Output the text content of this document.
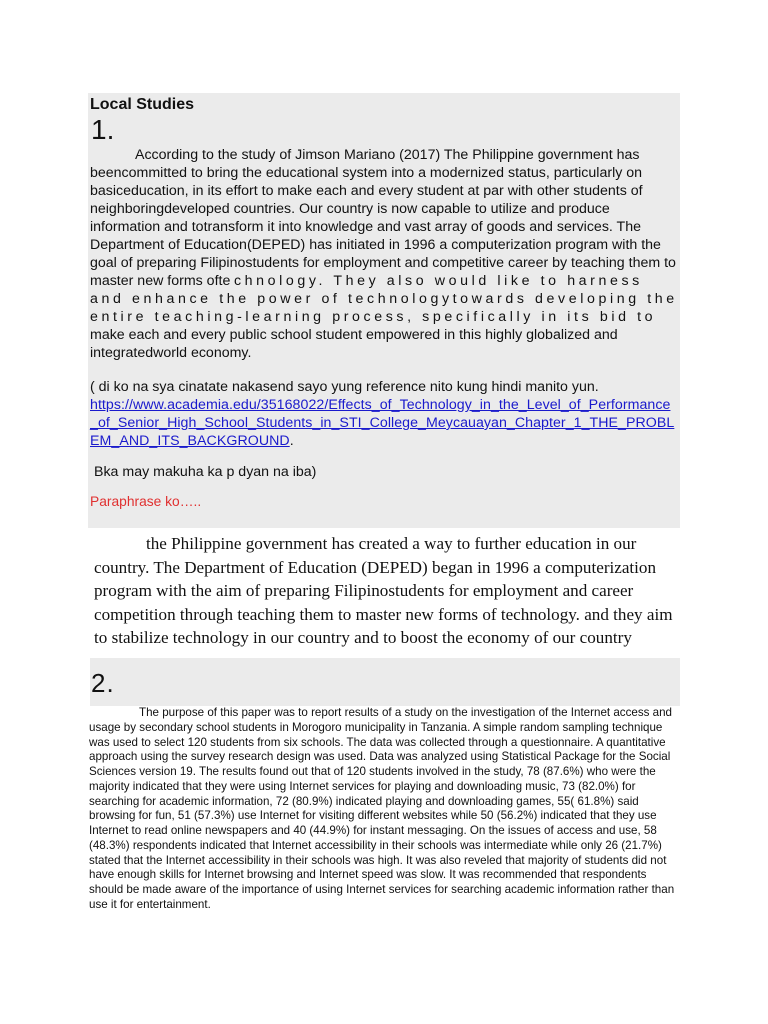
Local Studies

1.

According to the study of Jimson Mariano (2017) The Philippine government has beencommitted to bring the educational system into a modernized status, particularly on basiceducation, in its effort to make each and every student at par with other students of neighboringdeveloped countries. Our country is now capable to utilize and produce information and totransform it into knowledge and vast array of goods and services. The Department of Education(DEPED) has initiated in 1996 a computerization program with the goal of preparing Filipinostudents for employment and competitive career by teaching them to master new forms oftechnology. They also would like to harness and enhance the power of technologytowards developing the entire teaching-learning process, specifically in its bid to make each and every public school student empowered in this highly globalized and integratedworld economy.

( di ko na sya cinatate nakasend sayo yung reference nito kung hindi manito yun.
https://www.academia.edu/35168022/Effects_of_Technology_in_the_Level_of_Performance_of_Senior_High_School_Students_in_STI_College_Meycauayan_Chapter_1_THE_PROBLEM_AND_ITS_BACKGROUND.

Bka may makuha ka p dyan na iba)

Paraphrase ko…..

the Philippine government has created a way to further education in our country. The Department of Education (DEPED) began in 1996 a computerization program with the aim of preparing Filipinostudents for employment and career competition through teaching them to master new forms of technology. and they aim to stabilize technology in our country and to boost the economy of our country

2.

The purpose of this paper was to report results of a study on the investigation of the Internet access and usage by secondary school students in Morogoro municipality in Tanzania. A simple random sampling technique was used to select 120 students from six schools. The data was collected through a questionnaire. A quantitative approach using the survey research design was used. Data was analyzed using Statistical Package for the Social Sciences version 19. The results found out that of 120 students involved in the study, 78 (87.6%) who were the majority indicated that they were using Internet services for playing and downloading music, 73 (82.0%) for searching for academic information, 72 (80.9%) indicated playing and downloading games, 55( 61.8%) said browsing for fun, 51 (57.3%) use Internet for visiting different websites while 50 (56.2%) indicated that they use Internet to read online newspapers and 40 (44.9%) for instant messaging. On the issues of access and use, 58 (48.3%) respondents indicated that Internet accessibility in their schools was intermediate while only 26 (21.7%) stated that the Internet accessibility in their schools was high. It was also reveled that majority of students did not have enough skills for Internet browsing and Internet speed was slow. It was recommended that respondents should be made aware of the importance of using Internet services for searching academic information rather than use it for entertainment.
